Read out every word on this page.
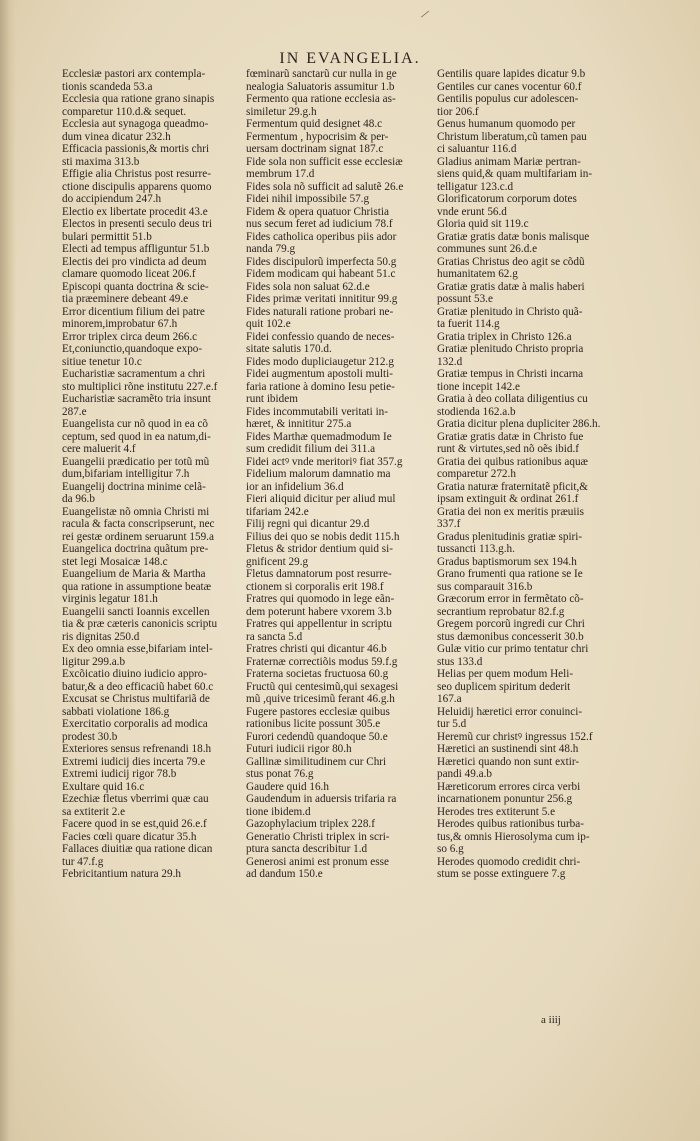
⁄
IN EVANGELIA.
Ecclesiæ pastori arx contempla-
tionis scandeda 53.a
Ecclesia qua ratione grano sinapis
comparetur 110.d.& sequet.
Ecclesia aut synagoga queadmo-
dum vinea dicatur 232.h
Efficacia passionis,& mortis chri
sti maxima 313.b
Effigie alia Christus post resurre-
ctione discipulis apparens quomo
do accipiendum 247.h
Electio ex libertate procedit 43.e
Electos in presenti seculo deus tri
bulari permittit 51.b
Electi ad tempus affliguntur 51.b
Electis dei pro vindicta ad deum
clamare quomodo liceat 206.f
Episcopi quanta doctrina & scie-
tia præeminere debeant 49.e
Error dicentium filium dei patre
minorem,improbatur 67.h
Error triplex circa deum 266.c
Et,coniunctio,quandoque expo-
sitiue tenetur 10.c
Eucharistiæ sacramentum a chri
sto multiplici rõne institutu 227.e.f
Eucharistiæ sacramẽto tria insunt
287.e
Euangelista cur nõ quod in ea cõ
ceptum, sed quod in ea natum,di-
cere maluerit 4.f
Euangelii prædicatio per totũ mũ
dum,bifariam intelligitur 7.h
Euangelij doctrina minime celã-
da 96.b
Euangelistæ nõ omnia Christi mi
racula & facta conscripserunt, nec
rei gestæ ordinem seruarunt 159.a
Euangelica doctrina quãtum pre-
stet legi Mosaicæ 148.c
Euangelium de Maria & Martha
qua ratione in assumptione beatæ
virginis legatur 181.h
Euangelii sancti Ioannis excellen
tia & præ cæteris canonicis scriptu
ris dignitas 250.d
Ex deo omnia esse,bifariam intel-
ligitur 299.a.b
Excõicatio diuino iudicio appro-
batur,& a deo efficaciũ habet 60.c
Excusat se Christus multifariã de
sabbati violatione 186.g
Exercitatio corporalis ad modica
prodest 30.b
Exteriores sensus refrenandi 18.h
Extremi iudicij dies incerta 79.e
Extremi iudicij rigor 78.b
Exultare quid 16.c
Ezechiæ fletus vberrimi quæ cau
sa extiterit 2.e
Facere quod in se est,quid 26.e.f
Facies cœli quare dicatur 35.h
Fallaces diuitiæ qua ratione dican
tur 47.f.g
Febricitantium natura 29.h
fœminarũ sanctarũ cur nulla in ge
nealogia Saluatoris assumitur 1.b
Fermento qua ratione ecclesia as-
similetur 29.g.h
Fermentum quid designet 48.c
Fermentum , hypocrisim & per-
uersam doctrinam signat 187.c
Fide sola non sufficit esse ecclesiæ
membrum 17.d
Fides sola nõ sufficit ad salutẽ 26.e
Fidei nihil impossibile 57.g
Fidem & opera quatuor Christia
nus secum feret ad iudicium 78.f
Fides catholica operibus piis ador
nanda 79.g
Fides discipulorũ imperfecta 50.g
Fidem modicam qui habeant 51.c
Fides sola non saluat 62.d.e
Fides primæ veritati innititur 99.g
Fides naturali ratione probari ne-
quit 102.e
Fidei confessio quando de neces-
sitate salutis 170.d.
Fides modo dupliciaugetur 212.g
Fidei augmentum apostoli multi-
faria ratione à domino Iesu petie-
runt ibidem
Fides incommutabili veritati in-
hæret, & innititur 275.a
Fides Marthæ quemadmodum Ie
sum credidit filium dei 311.a
Fidei actꝰ vnde meritoriꝰ fiat 357.g
Fidelium malorum damnatio ma
ior an infidelium 36.d
Fieri aliquid dicitur per aliud mul
tifariam 242.e
Filij regni qui dicantur 29.d
Filius dei quo se nobis dedit 115.h
Fletus & stridor dentium quid si-
gnificent 29.g
Fletus damnatorum post resurre-
ctionem si corporalis erit 198.f
Fratres qui quomodo in lege eãn-
dem poterunt habere vxorem 3.b
Fratres qui appellentur in scriptu
ra sancta 5.d
Fratres christi qui dicantur 46.b
Fraternæ correctiõis modus 59.f.g
Fraterna societas fructuosa 60.g
Fructũ qui centesimũ,qui sexagesi
mũ ,quive tricesimũ ferant 46.g.h
Fugere pastores ecclesiæ quibus
rationibus licite possunt 305.e
Furori cedendũ quandoque 50.e
Futuri iudicii rigor 80.h
Gallinæ similitudinem cur Chri
stus ponat 76.g
Gaudere quid 16.h
Gaudendum in aduersis trifaria ra
tione ibidem.d
Gazophylacium triplex 228.f
Generatio Christi triplex in scri-
ptura sancta describitur 1.d
Generosi animi est pronum esse
ad dandum 150.e
Gentilis quare lapides dicatur 9.b
Gentiles cur canes vocentur 60.f
Gentilis populus cur adolescen-
tior 206.f
Genus humanum quomodo per
Christum liberatum,cũ tamen pau
ci saluantur 116.d
Gladius animam Mariæ pertran-
siens quid,& quam multifariam in-
telligatur 123.c.d
Glorificatorum corporum dotes
vnde erunt 56.d
Gloria quid sit 119.c
Gratiæ gratis datæ bonis malisque
communes sunt 26.d.e
Gratias Christus deo agit se cõdũ
humanitatem 62.g
Gratiæ gratis datæ à malis haberi
possunt 53.e
Gratiæ plenitudo in Christo quã-
ta fuerit 114.g
Gratia triplex in Christo 126.a
Gratiæ plenitudo Christo propria
132.d
Gratiæ tempus in Christi incarna
tione incepit 142.e
Gratia à deo collata diligentius cu
stodienda 162.a.b
Gratia dicitur plena dupliciter 286.h.
Gratiæ gratis datæ in Christo fue
runt & virtutes,sed nõ oẽs ibid.f
Gratia dei quibus rationibus aquæ
comparetur 272.h
Gratia naturæ fraternitatẽ pficit,&
ipsam extinguit & ordinat 261.f
Gratia dei non ex meritis præuiis
337.f
Gradus plenitudinis gratiæ spiri-
tussancti 113.g.h.
Gradus baptismorum sex 194.h
Grano frumenti qua ratione se Ie
sus comparauit 316.b
Græcorum error in fermẽtato cõ-
secrantium reprobatur 82.f.g
Gregem porcorũ ingredi cur Chri
stus dæmonibus concesserit 30.b
Gulæ vitio cur primo tentatur chri
stus 133.d
Helias per quem modum Heli-
seo duplicem spiritum dederit
167.a
Heluidij hæretici error conuinci-
tur 5.d
Heremũ cur christꝰ ingressus 152.f
Hæretici an sustinendi sint 48.h
Hæretici quando non sunt extir-
pandi 49.a.b
Hæreticorum errores circa verbi
incarnationem ponuntur 256.g
Herodes tres extiterunt 5.e
Herodes quibus rationibus turba-
tus,& omnis Hierosolyma cum ip-
so 6.g
Herodes quomodo credidit chri-
stum se posse extinguere 7.g
a iiij
